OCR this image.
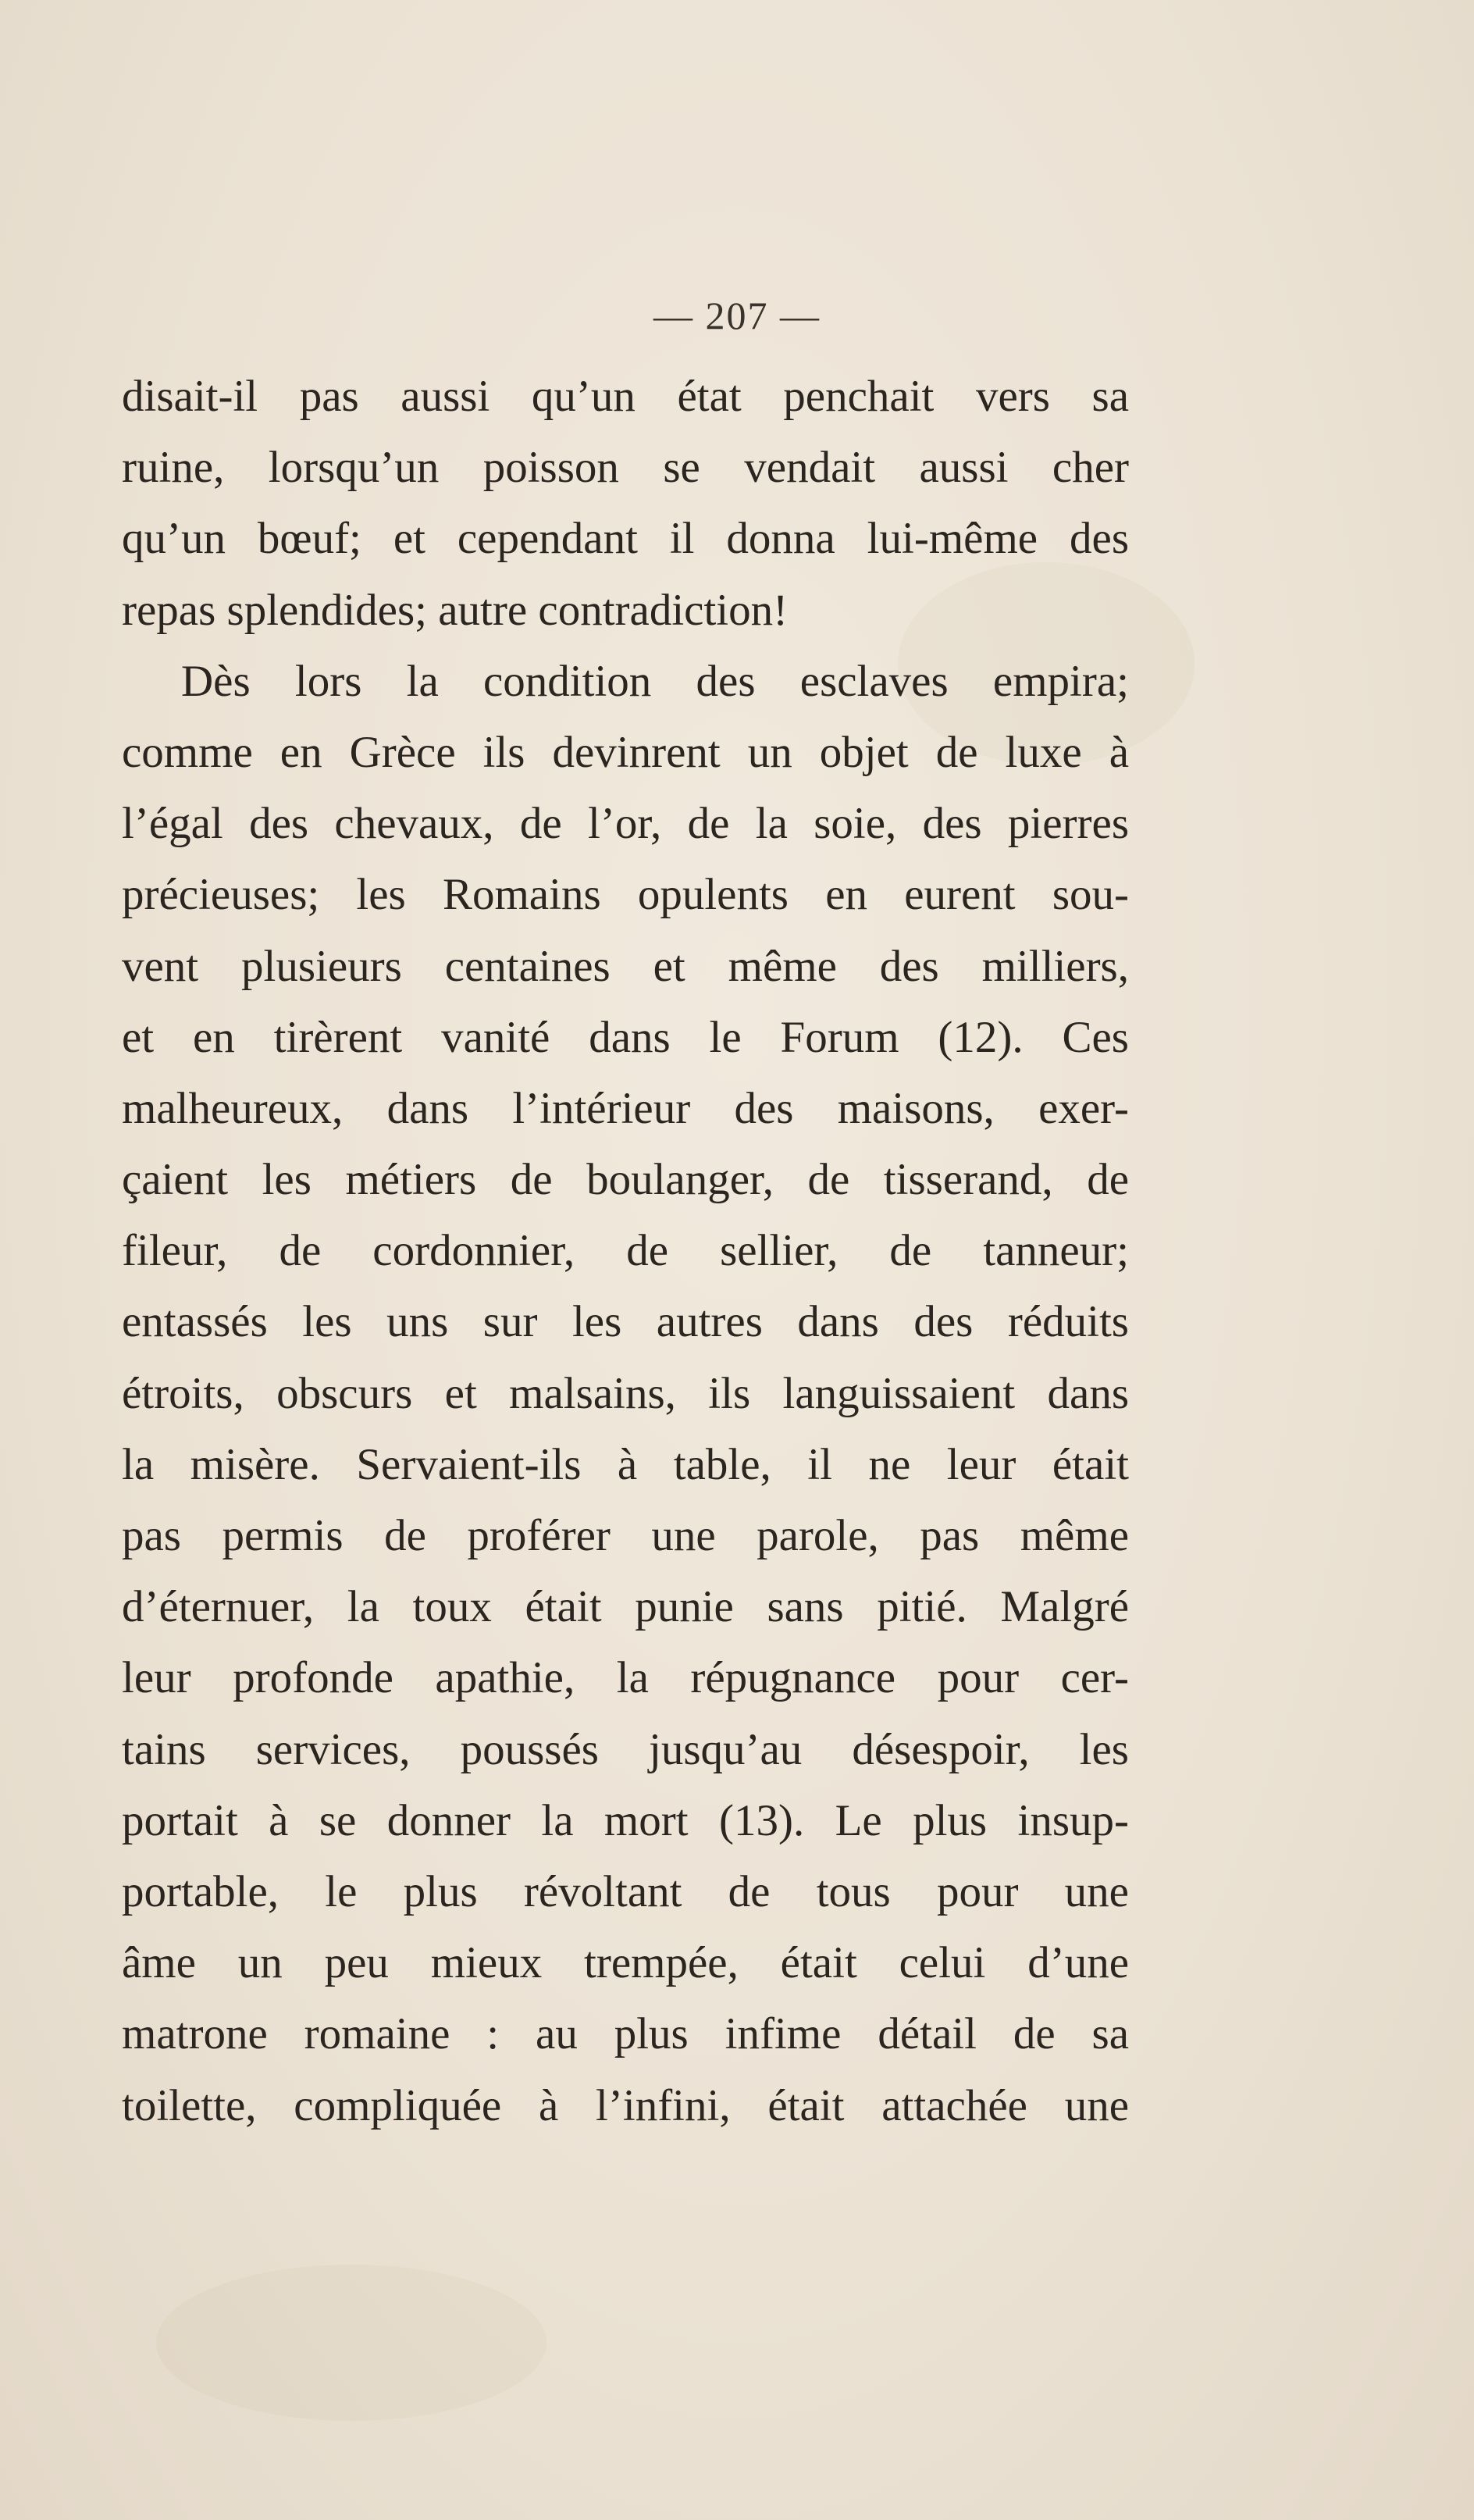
— 207 —
disait-il pas aussi qu’un état penchait vers sa
ruine, lorsqu’un poisson se vendait aussi cher
qu’un bœuf; et cependant il donna lui-même des
repas splendides; autre contradiction!
Dès lors la condition des esclaves empira;
comme en Grèce ils devinrent un objet de luxe à
l’égal des chevaux, de l’or, de la soie, des pierres
précieuses; les Romains opulents en eurent sou-
vent plusieurs centaines et même des milliers,
et en tirèrent vanité dans le Forum (12). Ces
malheureux, dans l’intérieur des maisons, exer-
çaient les métiers de boulanger, de tisserand, de
fileur, de cordonnier, de sellier, de tanneur;
entassés les uns sur les autres dans des réduits
étroits, obscurs et malsains, ils languissaient dans
la misère. Servaient-ils à table, il ne leur était
pas permis de proférer une parole, pas même
d’éternuer, la toux était punie sans pitié. Malgré
leur profonde apathie, la répugnance pour cer-
tains services, poussés jusqu’au désespoir, les
portait à se donner la mort (13). Le plus insup-
portable, le plus révoltant de tous pour une
âme un peu mieux trempée, était celui d’une
matrone romaine : au plus infime détail de sa
toilette, compliquée à l’infini, était attachée une
